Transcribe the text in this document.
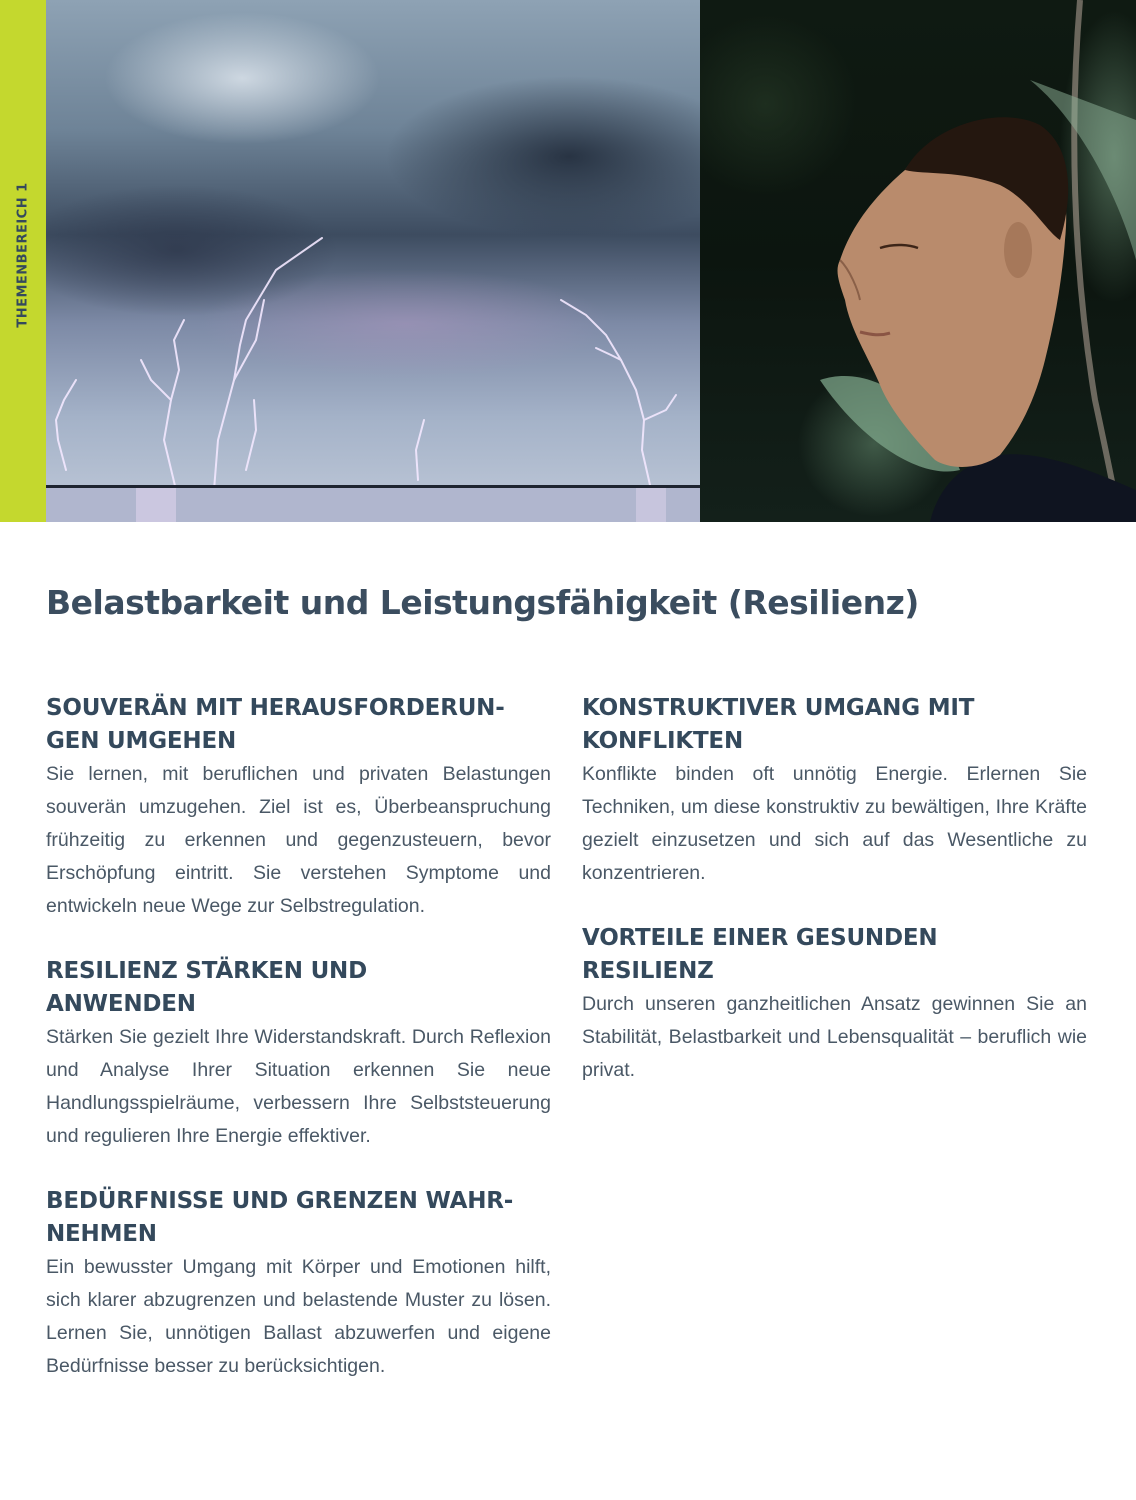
THEMENBEREICH 1
Belastbarkeit und Leistungsfähigkeit (Resilienz)
SOUVERÄN MIT HERAUSFORDERUN-
GEN UMGEHEN

Sie lernen, mit beruflichen und privaten Belastungen souverän umzugehen. Ziel ist es, Überbeanspruchung frühzeitig zu erkennen und gegenzusteuern, bevor Erschöpfung eintritt. Sie verstehen Symptome und entwickeln neue Wege zur Selbstregulation.

RESILIENZ STÄRKEN UND
ANWENDEN

Stärken Sie gezielt Ihre Widerstandskraft. Durch Reflexion und Analyse Ihrer Situation erkennen Sie neue Handlungsspielräume, verbessern Ihre Selbststeuerung und regulieren Ihre Energie effektiver.

BEDÜRFNISSE UND GRENZEN WAHR-
NEHMEN

Ein bewusster Umgang mit Körper und Emotionen hilft, sich klarer abzugrenzen und belastende Muster zu lösen. Lernen Sie, unnötigen Ballast abzuwerfen und eigene Bedürfnisse besser zu berücksichtigen.

KONSTRUKTIVER UMGANG MIT
KONFLIKTEN

Konflikte binden oft unnötig Energie. Erlernen Sie Techniken, um diese konstruktiv zu bewältigen, Ihre Kräfte gezielt einzusetzen und sich auf das Wesentliche zu konzentrieren.

VORTEILE EINER GESUNDEN
RESILIENZ

Durch unseren ganzheitlichen Ansatz gewinnen Sie an Stabilität, Belastbarkeit und Lebensqualität – beruflich wie privat.
